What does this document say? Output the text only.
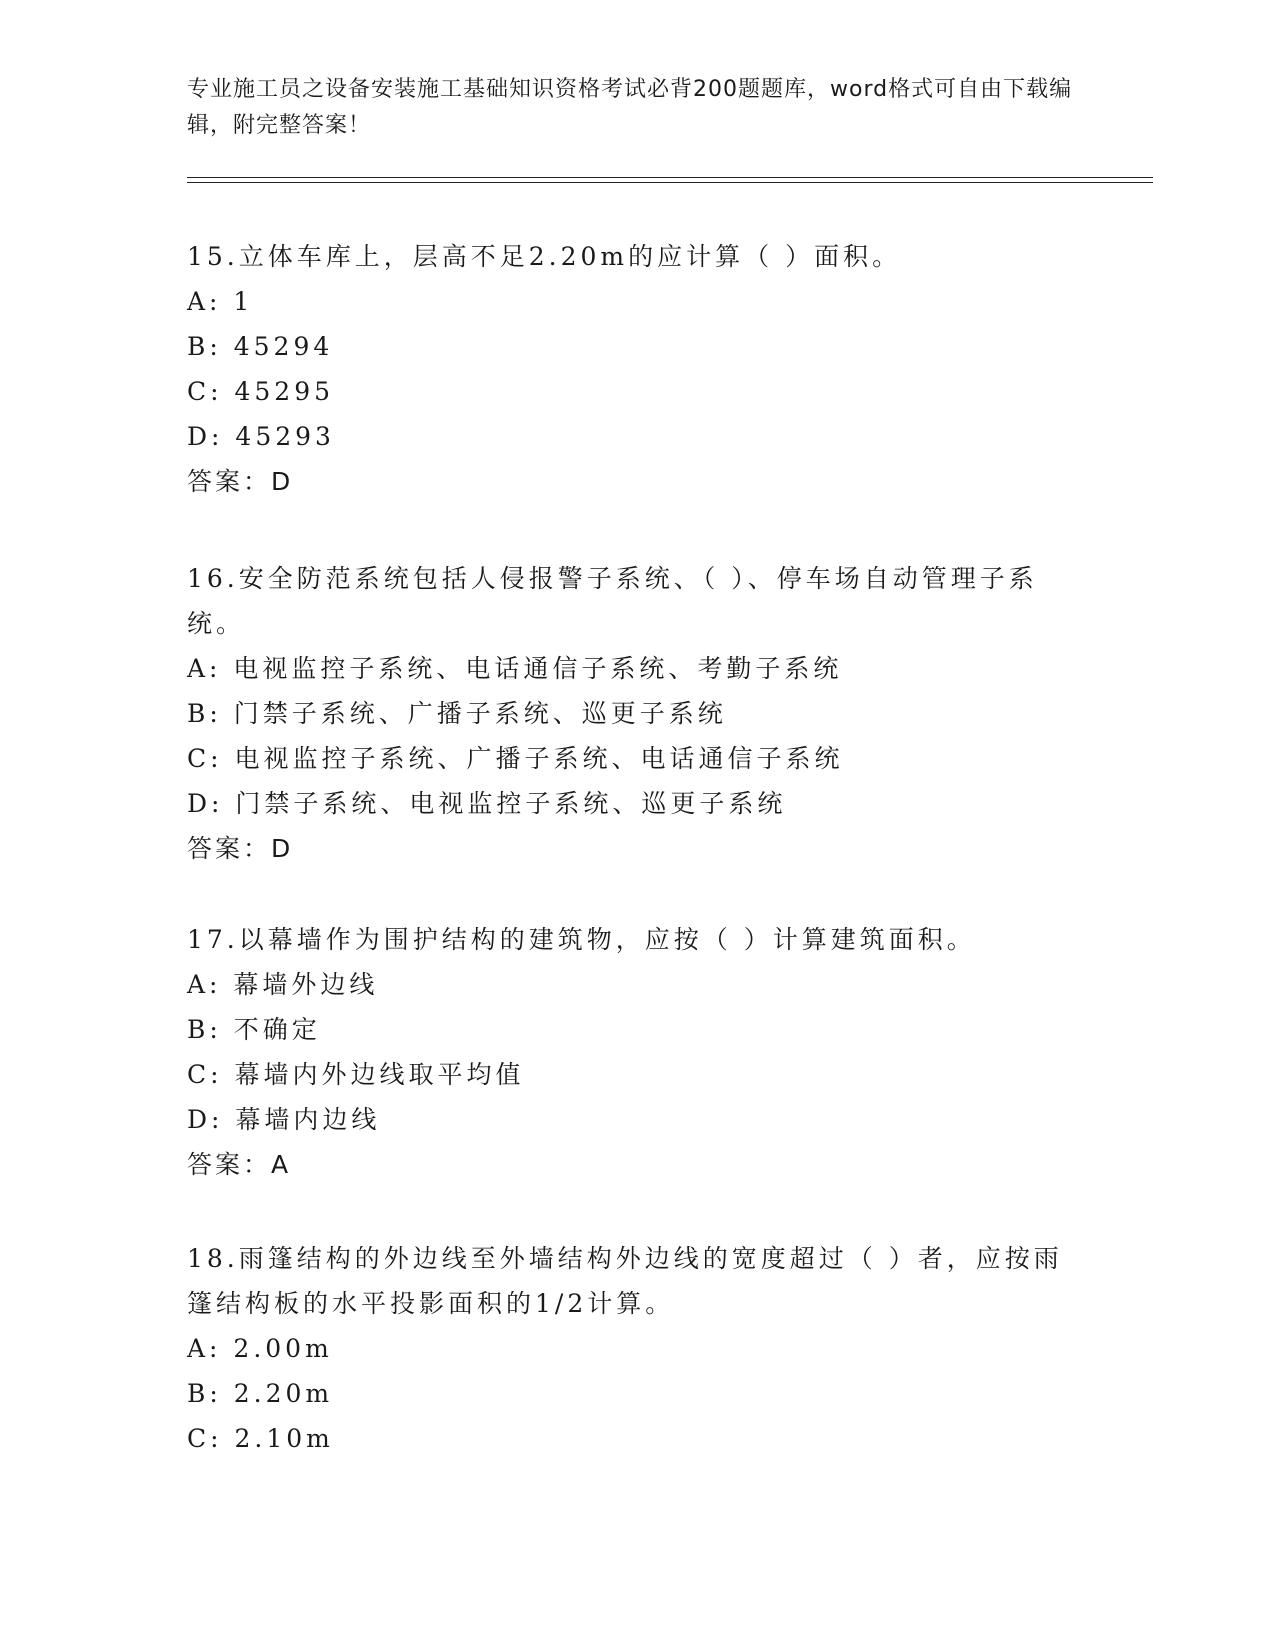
专业施工员之设备安装施工基础知识资格考试必背200题题库，word格式可自由下载编辑，附完整答案！
15.立体车库上，层高不足2.20m的应计算（ ）面积。
A: 1
B: 45294
C: 45295
D: 45293
答案：D
16.安全防范系统包括人侵报警子系统、（ ）、停车场自动管理子系统。
A: 电视监控子系统、电话通信子系统、考勤子系统
B: 门禁子系统、广播子系统、巡更子系统
C: 电视监控子系统、广播子系统、电话通信子系统
D: 门禁子系统、电视监控子系统、巡更子系统
答案：D
17.以幕墙作为围护结构的建筑物，应按（ ）计算建筑面积。
A: 幕墙外边线
B: 不确定
C: 幕墙内外边线取平均值
D: 幕墙内边线
答案：A
18.雨篷结构的外边线至外墙结构外边线的宽度超过（ ）者，应按雨篷结构板的水平投影面积的1/2计算。
A: 2.00m
B: 2.20m
C: 2.10m
